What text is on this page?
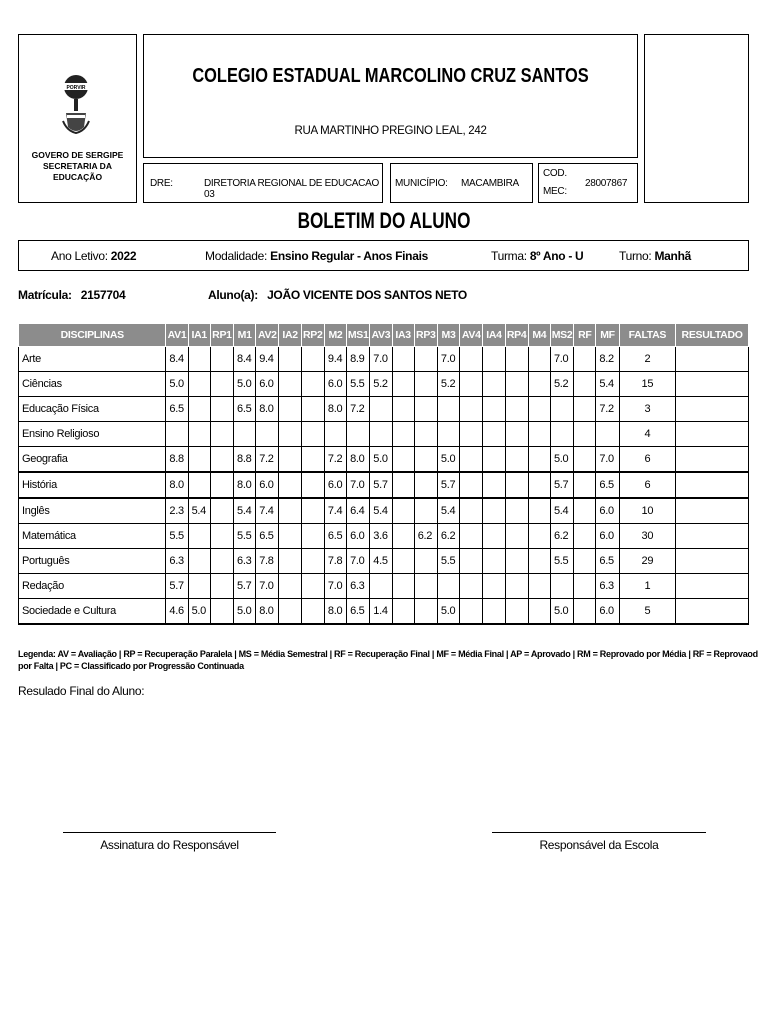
PORVIR
GOVERO DE SERGIPE
SECRETARIA DA EDUCAÇÃO
COLEGIO ESTADUAL MARCOLINO CRUZ SANTOS
RUA MARTINHO PREGINO LEAL, 242
DRE:	DIRETORIA REGIONAL DE EDUCACAO 03
MUNICÍPIO: MACAMBIRA
COD.
MEC:
28007867
BOLETIM DO ALUNO
Ano Letivo: 2022	Modalidade: Ensino Regular - Anos Finais	Turma: 8º Ano - U	Turno: Manhã
Matrícula: 2157704	Aluno(a): JOÃO VICENTE DOS SANTOS NETO
DISCIPLINAS	AV1	IA1	RP1	M1	AV2	IA2	RP2	M2	MS1	AV3	IA3	RP3	M3	AV4	IA4	RP4	M4	MS2	RF	MF	FALTAS	RESULTADO
Arte	8.4			8.4	9.4			9.4	8.9	7.0			7.0					7.0		8.2	2	
Ciências	5.0			5.0	6.0			6.0	5.5	5.2			5.2					5.2		5.4	15	
Educação Física	6.5			6.5	8.0			8.0	7.2											7.2	3	
Ensino Religioso																					4	
Geografia	8.8			8.8	7.2			7.2	8.0	5.0			5.0					5.0		7.0	6	
História	8.0			8.0	6.0			6.0	7.0	5.7			5.7					5.7		6.5	6	
Inglês	2.3	5.4		5.4	7.4			7.4	6.4	5.4			5.4					5.4		6.0	10	
Matemática	5.5			5.5	6.5			6.5	6.0	3.6		6.2	6.2					6.2		6.0	30	
Português	6.3			6.3	7.8			7.8	7.0	4.5			5.5					5.5		6.5	29	
Redação	5.7			5.7	7.0			7.0	6.3											6.3	1	
Sociedade e Cultura	4.6	5.0		5.0	8.0			8.0	6.5	1.4			5.0					5.0		6.0	5	
Legenda: AV = Avaliação | RP = Recuperação Paralela | MS = Média Semestral | RF = Recuperação Final | MF = Média Final | AP = Aprovado | RM = Reprovado por Média | RF = Reprovaod por Falta | PC = Classificado por Progressão Continuada
Resulado Final do Aluno:
Assinatura do Responsável	Responsável da Escola
